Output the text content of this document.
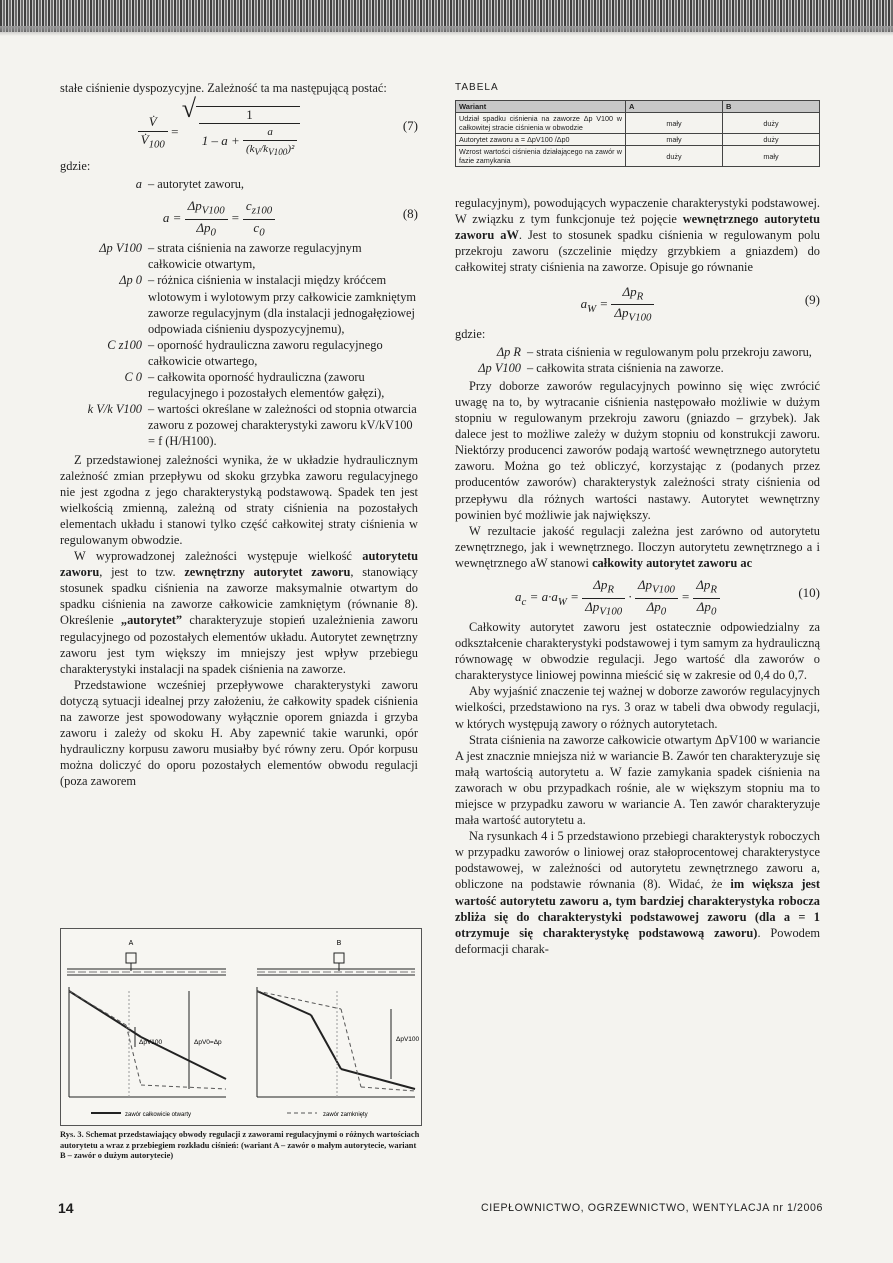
stałe ciśnienie dyspozycyjne. Zależność ta ma następującą postać:

$\frac{V̇}{V̇_{100}}$ = √ $\frac{1}{1 - a + \frac{a}{(k_V/k_{V100})^2}}$	(7)

gdzie:

a – autorytet zaworu,
$a = \frac{\Delta p_{V100}}{\Delta p_0} = \frac{c_{z100}}{c_0}$	(8)
Δp V100 – strata ciśnienia na zaworze regulacyjnym całkowicie otwartym,
Δp 0 – różnica ciśnienia w instalacji między króćcem wlotowym i wylotowym przy całkowicie zamkniętym zaworze regulacyjnym (dla instalacji jednogałęziowej odpowiada ciśnieniu dyspozycyjnemu),
C z100 – oporność hydrauliczna zaworu regulacyjnego całkowicie otwartego,
C 0 – całkowita oporność hydrauliczna (zaworu regulacyjnego i pozostałych elementów gałęzi),
k V/k V100 – wartości określane w zależności od stopnia otwarcia zaworu z pozowej charakterystyki zaworu kV/kV100 = f (H/H100).

Z przedstawionej zależności wynika, że w układzie hydraulicznym zależność zmian przepływu od skoku grzybka zaworu regulacyjnego nie jest zgodna z jego charakterystyką podstawową. Spadek ten jest wielkością zmienną, zależną od straty ciśnienia na pozostałych elementach układu i stanowi tylko część całkowitej straty ciśnienia w regulowanym obwodzie.

W wyprowadzonej zależności występuje wielkość autorytetu zaworu, jest to tzw. zewnętrzny autorytet zaworu, stanowiący stosunek spadku ciśnienia na zaworze maksymalnie otwartym do spadku ciśnienia na zaworze całkowicie zamkniętym (równanie 8). Określenie „autorytet” charakteryzuje stopień uzależnienia zaworu regulacyjnego od pozostałych elementów układu. Autorytet zewnętrzny zaworu jest tym większy im mniejszy jest wpływ przebiegu charakterystyki instalacji na spadek ciśnienia na zaworze.

Przedstawione wcześniej przepływowe charakterystyki zaworu dotyczą sytuacji idealnej przy założeniu, że całkowity spadek ciśnienia na zaworze jest spowodowany wyłącznie oporem gniazda i grzyba zaworu i zależy od skoku H. Aby zapewnić takie warunki, opór hydrauliczny korpusu zaworu musiałby być równy zeru. Opór korpusu można doliczyć do oporu pozostałych elementów obwodu regulacji (poza zaworem

A	B
ΔpV100	ΔpV0=Δp	ΔpV100
zawór całkowicie otwarty	zawór zamknięty
Rys. 3. Schemat przedstawiający obwody regulacji z zaworami regulacyjnymi o różnych wartościach autorytetu a wraz z przebiegiem rozkładu ciśnień: (wariant A – zawór o małym autorytecie, wariant B – zawór o dużym autorytecie)
TABELA
Wariant	A	B
Udział spadku ciśnienia na zaworze Δp V100 w całkowitej stracie ciśnienia w obwodzie	mały	duży
Autorytet zaworu a = ΔpV100 /Δp0	mały	duży
Wzrost wartości ciśnienia działającego na zawór w fazie zamykania	duży	mały

regulacyjnym), powodujących wypaczenie charakterystyki podstawowej. W związku z tym funkcjonuje też pojęcie wewnętrznego autorytetu zaworu aW. Jest to stosunek spadku ciśnienia w regulowanym polu przekroju zaworu (szczelinie między grzybkiem a gniazdem) do całkowitej straty ciśnienia na zaworze. Opisuje go równanie

$a_W = \frac{\Delta p_R}{\Delta p_{V100}}$	(9)

gdzie:

Δp R – strata ciśnienia w regulowanym polu przekroju zaworu,
Δp V100 – całkowita strata ciśnienia na zaworze.

Przy doborze zaworów regulacyjnych powinno się więc zwrócić uwagę na to, by wytracanie ciśnienia następowało możliwie w dużym stopniu w regulowanym przekroju zaworu (gniazdo – grzybek). Jak dalece jest to możliwe zależy w dużym stopniu od konstrukcji zaworu. Niektórzy producenci zaworów podają wartość wewnętrznego autorytetu zaworu. Można go też obliczyć, korzystając z (podanych przez producentów zaworów) charakterystyk zależności straty ciśnienia od przepływu dla różnych wartości nastawy. Autorytet wewnętrzny powinien być możliwie jak największy.

W rezultacie jakość regulacji zależna jest zarówno od autorytetu zewnętrznego, jak i wewnętrznego. Iloczyn autorytetu zewnętrznego a i wewnętrznego aW stanowi całkowity autorytet zaworu ac

$a_c = a\cdot a_W = \frac{\Delta p_R}{\Delta p_{V100}} \cdot \frac{\Delta p_{V100}}{\Delta p_0} = \frac{\Delta p_R}{\Delta p_0}$	(10)

Całkowity autorytet zaworu jest ostatecznie odpowiedzialny za odkształcenie charakterystyki podstawowej i tym samym za hydrauliczną równowagę w obwodzie regulacji. Jego wartość dla zaworów o charakterystyce liniowej powinna mieścić się w zakresie od 0,4 do 0,7.

Aby wyjaśnić znaczenie tej ważnej w doborze zaworów regulacyjnych wielkości, przedstawiono na rys. 3 oraz w tabeli dwa obwody regulacji, w których występują zawory o różnych autorytetach.

Strata ciśnienia na zaworze całkowicie otwartym ΔpV100 w wariancie A jest znacznie mniejsza niż w wariancie B. Zawór ten charakteryzuje się małą wartością autorytetu a. W fazie zamykania spadek ciśnienia na zaworach w obu przypadkach rośnie, ale w większym stopniu ma to miejsce w przypadku zaworu w wariancie A. Ten zawór charakteryzuje mała wartość autorytetu a.

Na rysunkach 4 i 5 przedstawiono przebiegi charakterystyk roboczych w przypadku zaworów o liniowej oraz stałoprocentowej charakterystyce podstawowej, w zależności od autorytetu zewnętrznego zaworu a, obliczone na podstawie równania (8). Widać, że im większa jest wartość autorytetu zaworu a, tym bardziej charakterystyka robocza zbliża się do charakterystyki podstawowej zaworu (dla a = 1 otrzymuje się charakterystykę podstawową zaworu). Powodem deformacji charak-

14	CIEPŁOWNICTWO, OGRZEWNICTWO, WENTYLACJA nr 1/2006
